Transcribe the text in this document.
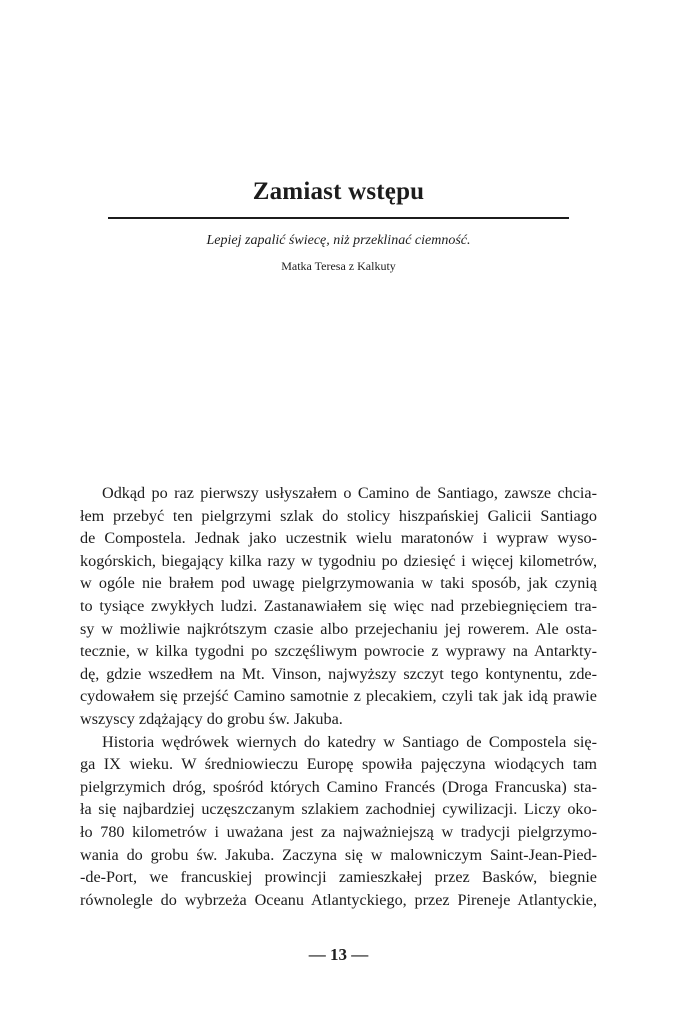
Zamiast wstępu

Lepiej zapalić świecę, niż przeklinać ciemność.

Matka Teresa z Kalkuty

Odkąd po raz pierwszy usłyszałem o Camino de Santiago, zawsze chcia-
łem przebyć ten pielgrzymi szlak do stolicy hiszpańskiej Galicii Santiago
de Compostela. Jednak jako uczestnik wielu maratonów i wypraw wyso-
kogórskich, biegający kilka razy w tygodniu po dziesięć i więcej kilometrów,
w ogóle nie brałem pod uwagę pielgrzymowania w taki sposób, jak czynią
to tysiące zwykłych ludzi. Zastanawiałem się więc nad przebiegnięciem tra-
sy w możliwie najkrótszym czasie albo przejechaniu jej rowerem. Ale osta-
tecznie, w kilka tygodni po szczęśliwym powrocie z wyprawy na Antarkty-
dę, gdzie wszedłem na Mt. Vinson, najwyższy szczyt tego kontynentu, zde-
cydowałem się przejść Camino samotnie z plecakiem, czyli tak jak idą prawie
wszyscy zdążający do grobu św. Jakuba.
Historia wędrówek wiernych do katedry w Santiago de Compostela się-
ga IX wieku. W średniowieczu Europę spowiła pajęczyna wiodących tam
pielgrzymich dróg, spośród których Camino Francés (Droga Francuska) sta-
ła się najbardziej uczęszczanym szlakiem zachodniej cywilizacji. Liczy oko-
ło 780 kilometrów i uważana jest za najważniejszą w tradycji pielgrzymo-
wania do grobu św. Jakuba. Zaczyna się w malowniczym Saint-Jean-Pied-
-de-Port, we francuskiej prowincji zamieszkałej przez Basków, biegnie
równolegle do wybrzeża Oceanu Atlantyckiego, przez Pireneje Atlantyckie,

— 13 —
